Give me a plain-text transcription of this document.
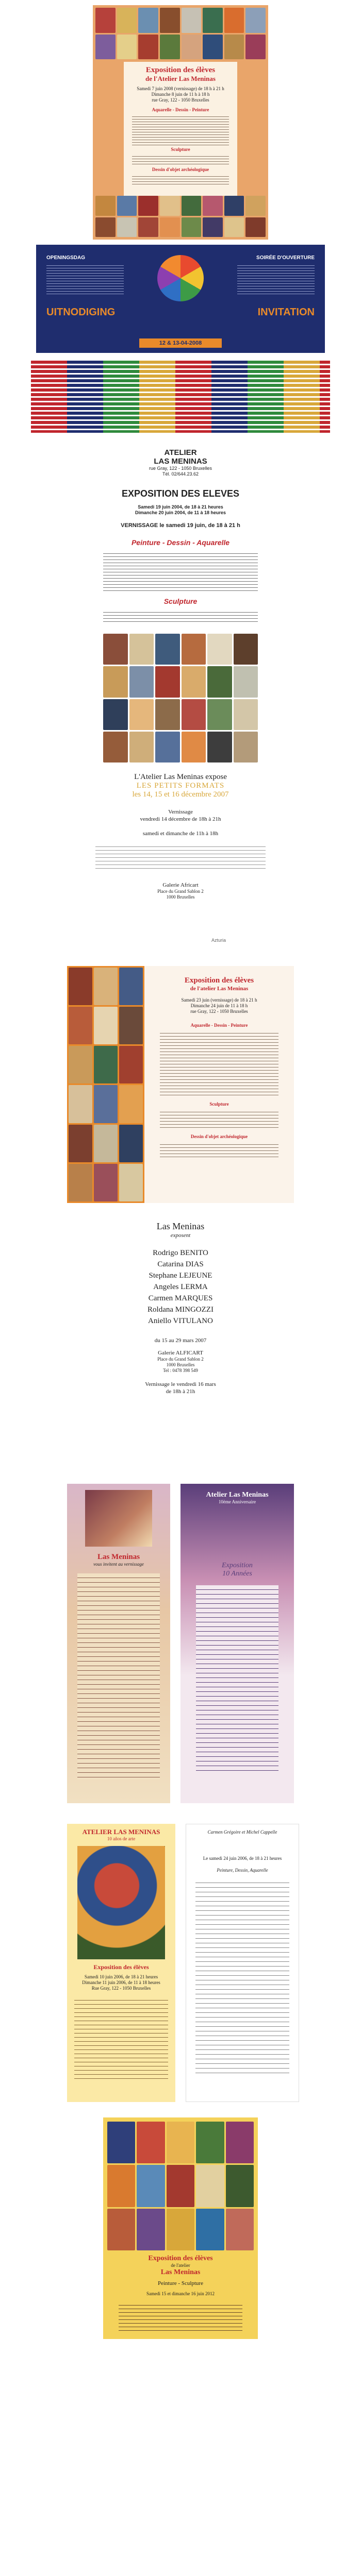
Exposition des élèves
de l'Atelier Las Meninas
Samedi 7 juin 2008 (vernissage) de 18 h à 21 h
Dimanche 8 juin de 11 h à 18 h
rue Gray, 122 - 1050 Bruxelles
Aquarelle - Dessin - Peinture
Sculpture
Dessin d'objet archéologique
OPENINGSDAG
UITNODIGING
SOIRÉE D'OUVERTURE
INVITATION
12 & 13-04-2008
ATELIER
LAS MENINAS
rue Gray, 122 - 1050 Bruxelles
Tél. 02/644.23.62
EXPOSITION DES ELEVES
Samedi 19 juin 2004, de 18 à 21 heures
Dimanche 20 juin 2004, de 11 à 18 heures
VERNISSAGE le samedi 19 juin, de 18 à 21 h
Peinture - Dessin - Aquarelle
Sculpture
L'Atelier Las Meninas expose
LES PETITS FORMATS
les 14, 15 et 16 décembre 2007
Vernissage
vendredi 14 décembre de 18h à 21h
samedi et dimanche de 11h à 18h
Galerie Africart
Place du Grand Sablon 2
1000 Bruxelles
Azturia
Exposition des élèves
de l'atelier Las Meninas
Samedi 23 juin (vernissage) de 18 à 21 h
Dimanche 24 juin de 11 à 18 h
rue Gray, 122 - 1050 Bruxelles
Aquarelle - Dessin - Peinture
Sculpture
Dessin d'objet archéologique
Las Meninas
exposent
Rodrigo BENITO
Catarina DIAS
Stephane LEJEUNE
Angeles LERMA
Carmen MARQUES
Roldana MINGOZZI
Aniello VITULANO
du 15 au 29 mars 2007
Galerie ALFICART
Place du Grand Sablon 2
1000 Bruxelles
Tel : 0478 398 549
Vernissage le vendredi 16 mars
de 18h à 21h
Las Meninas
vous invitent au vernissage
Atelier Las Meninas
10ème Anniversaire
Exposition
10 Années
ATELIER LAS MENINAS
10 años de arte
Exposition des élèves
Samedi 10 juin 2006, de 18 à 21 heures
Dimanche 11 juin 2006, de 11 à 18 heures
Rue Gray, 122 - 1050 Bruxelles
Carmen Grégoire et Michel Cappelle
Le samedi 24 juin 2006, de 18 à 21 heures
Peinture, Dessin, Aquarelle
Exposition des élèves
de l'atelier
Las Meninas
Peinture - Sculpture
Samedi 15 et dimanche 16 juin 2012
